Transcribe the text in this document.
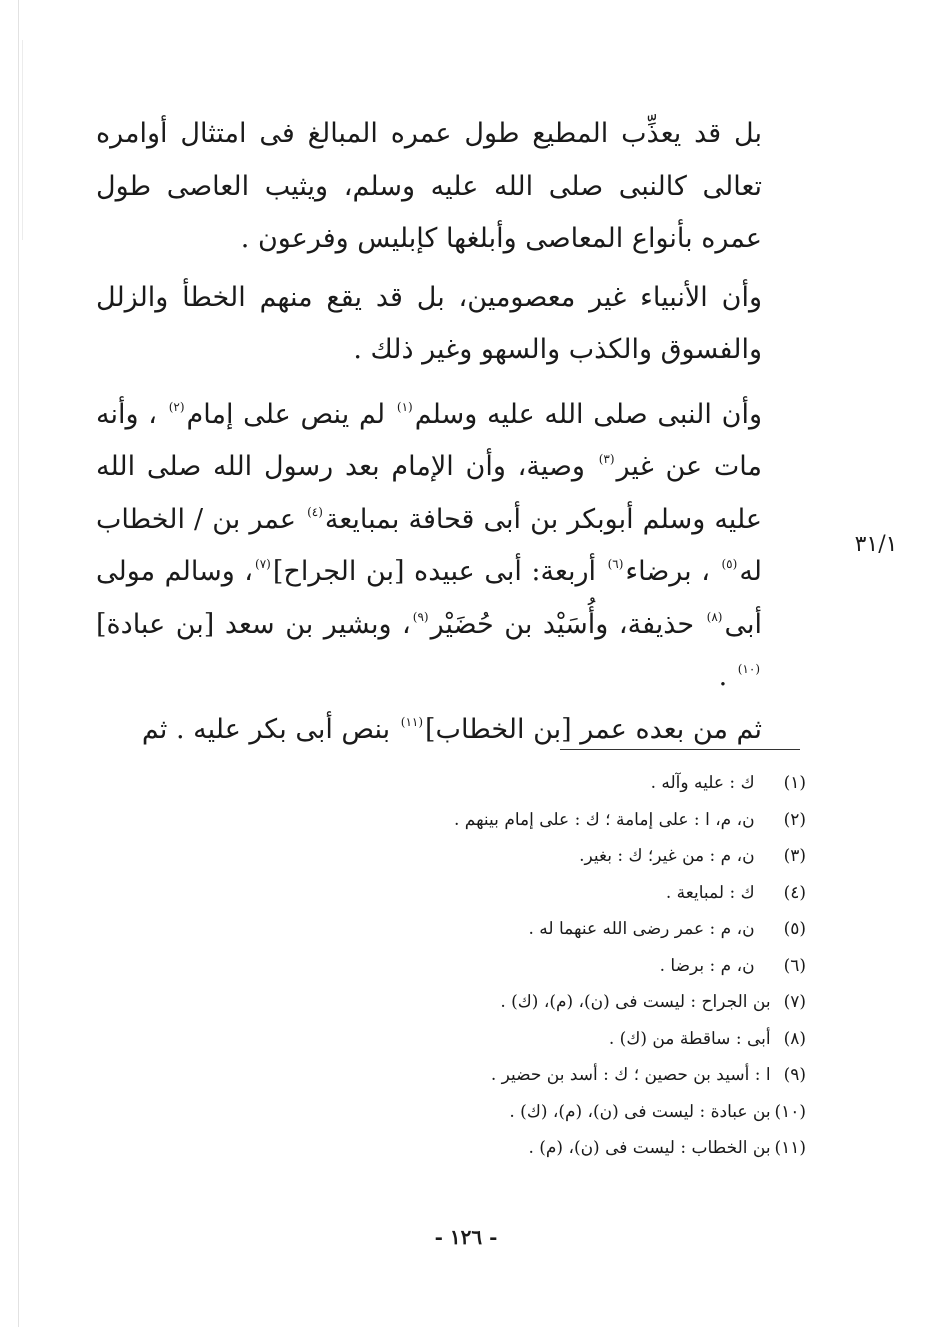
بل قد يعذِّب المطيع طول عمره المبالغ فى امتثال أوامره تعالى كالنبى صلى الله عليه وسلم، ويثيب العاصى طول عمره بأنواع المعاصى وأبلغها كإبليس وفرعون .

وأن الأنبياء غير معصومين، بل قد يقع منهم الخطأ والزلل والفسوق والكذب والسهو وغير ذلك .

وأن النبى صلى الله عليه وسلم$^{(١)}$ لم ينص على إمام$^{(٢)}$ ، وأنه مات عن غير$^{(٣)}$ وصية، وأن الإمام بعد رسول الله صلى الله عليه وسلم أبوبكر بن أبى قحافة بمبايعة$^{(٤)}$ عمر بن / الخطاب له$^{(٥)}$ ، برضاء$^{(٦)}$ أربعة: أبى عبيده [بن الجراح]$^{(٧)}$، وسالم مولى أبى$^{(٨)}$ حذيفة، وأُسَيْد بن حُضَيْر$^{(٩)}$، وبشير بن سعد [بن عبادة]$^{(١٠)}$ .

ثم من بعده عمر [بن الخطاب]$^{(١١)}$ بنص أبى بكر عليه . ثم

٣١/١
(١) ك : عليه وآله .
(٢) ن، م، ا : على إمامة ؛ ك : على إمام بينهم .
(٣) ن، م : من غير؛ ك : بغير.
(٤) ك : لمبايعة .
(٥) ن، م : عمر رضى الله عنهما له .
(٦) ن، م : برضا .
(٧) بن الجراح : ليست فى (ن)، (م)، (ك) .
(٨) أبى : ساقطة من (ك) .
(٩) ا : أسيد بن حصين ؛ ك : أسد بن حضير .
(١٠) بن عبادة : ليست فى (ن)، (م)، (ك) .
(١١) بن الخطاب : ليست فى (ن)، (م) .
- ١٢٦ -
